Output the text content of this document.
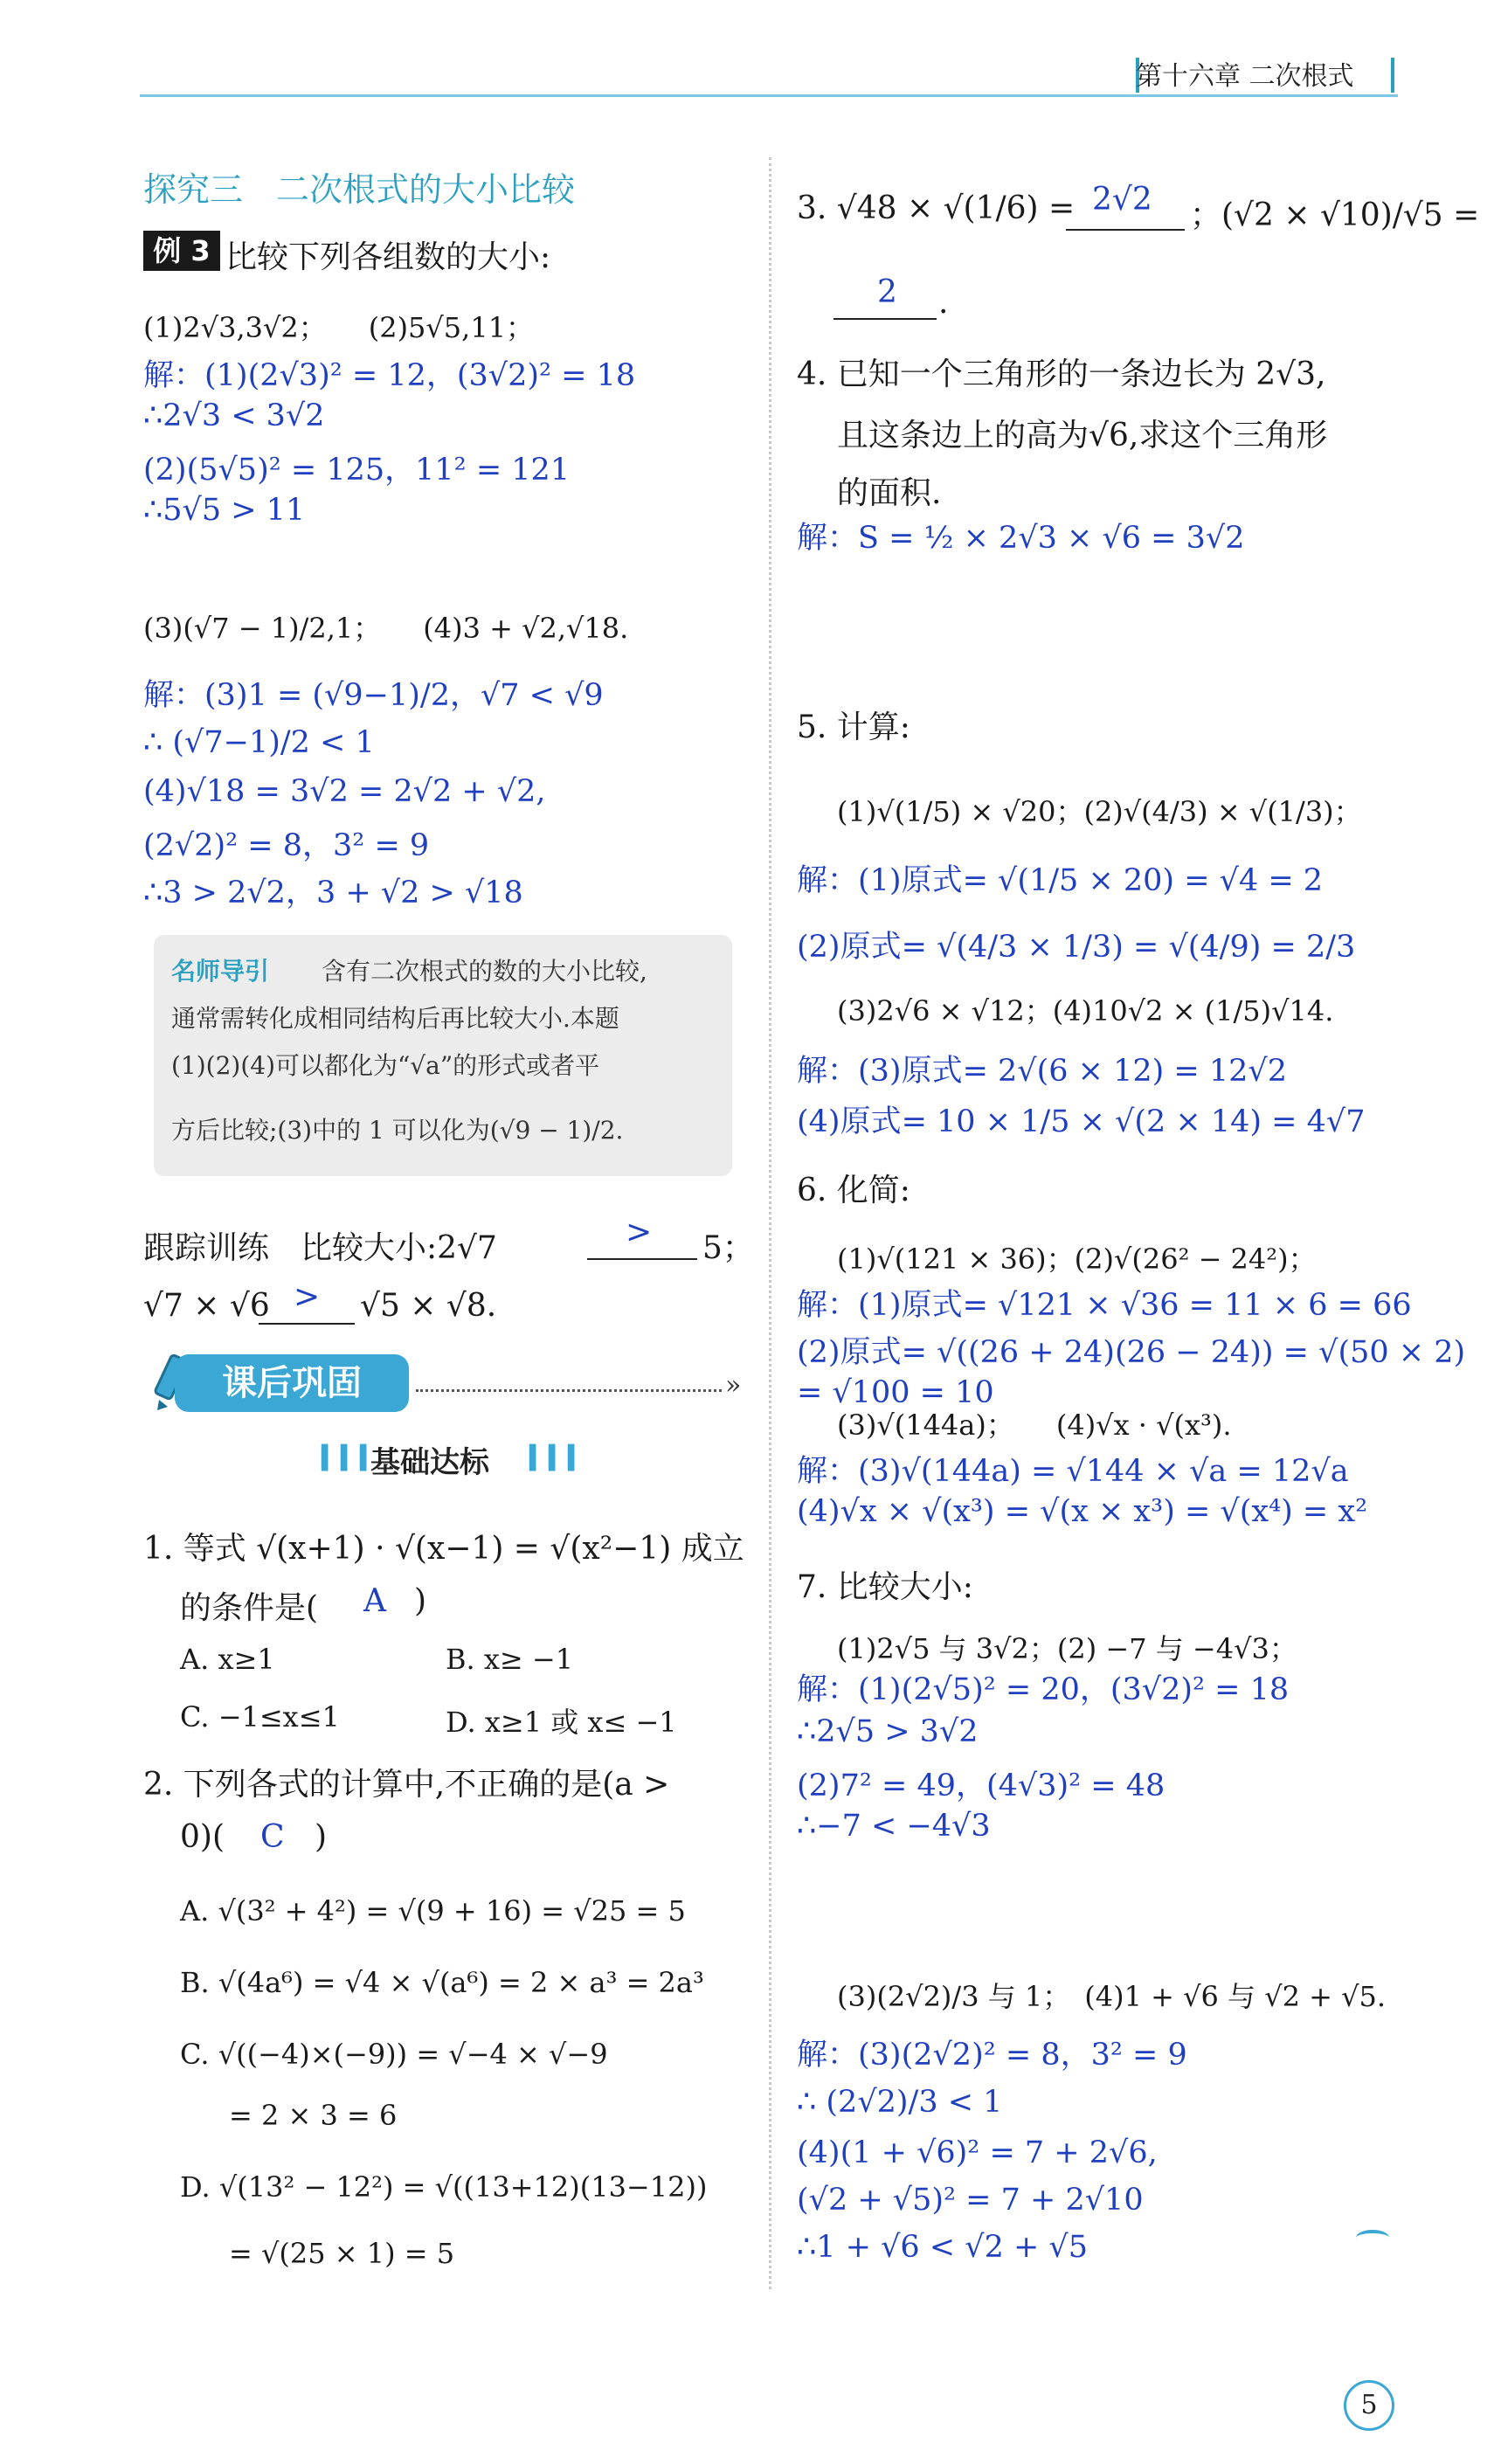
第十六章 二次根式
探究三　二次根式的大小比较
例 3 比较下列各组数的大小:
(1)2√3,3√2；　　(2)5√5,11；
解：(1)(2√3)² = 12，(3√2)² = 18
∴2√3 < 3√2
(2)(5√5)² = 125，11² = 121
∴5√5 > 11
(3)(√7 − 1)/2,1；　　(4)3 + √2,√18.
解：(3)1 = (√9−1)/2，√7 < √9
∴ (√7−1)/2 < 1
(4)√18 = 3√2 = 2√2 + √2,
(2√2)² = 8，3² = 9
∴3 > 2√2，3 + √2 > √18
名师导引 含有二次根式的数的大小比较,
通常需转化成相同结构后再比较大小.本题
(1)(2)(4)可以都化为“√a”的形式或者平
方后比较;(3)中的 1 可以化为(√9 − 1)/2.
跟踪训练　比较大小:2√7	> 5；
√7 × √6 > √5 × √8.
课后巩固	»
▍▍▍
基础达标 ▍▍▍
1. 等式 √(x+1) · √(x−1) = √(x²−1) 成立
的条件是( A )
A. x≥1	B. x≥ −1
C. −1≤x≤1	D. x≥1 或 x≤ −1
2. 下列各式的计算中,不正确的是(a >
0)( C )
A. √(3² + 4²) = √(9 + 16) = √25 = 5
B. √(4a⁶) = √4 × √(a⁶) = 2 × a³ = 2a³
C. √((−4)×(−9)) = √−4 × √−9
= 2 × 3 = 6
D. √(13² − 12²) = √((13+12)(13−12))
= √(25 × 1) = 5
3. √48 × √(1/6) = 2√2 ；(√2 × √10)/√5 =
2 .
4. 已知一个三角形的一条边长为 2√3,
且这条边上的高为√6,求这个三角形
的面积.
解：S = ½ × 2√3 × √6 = 3√2
5. 计算:
(1)√(1/5) × √20；(2)√(4/3) × √(1/3)；
解：(1)原式= √(1/5 × 20) = √4 = 2
(2)原式= √(4/3 × 1/3) = √(4/9) = 2/3
(3)2√6 × √12；(4)10√2 × (1/5)√14.
解：(3)原式= 2√(6 × 12) = 12√2
(4)原式= 10 × 1/5 × √(2 × 14) = 4√7
6. 化简:
(1)√(121 × 36)；(2)√(26² − 24²)；
解：(1)原式= √121 × √36 = 11 × 6 = 66
(2)原式= √((26 + 24)(26 − 24)) = √(50 × 2)
= √100 = 10
(3)√(144a)；　　(4)√x · √(x³).
解：(3)√(144a) = √144 × √a = 12√a
(4)√x × √(x³) = √(x × x³) = √(x⁴) = x²
7. 比较大小:
(1)2√5 与 3√2；(2) −7 与 −4√3；
解：(1)(2√5)² = 20，(3√2)² = 18
∴2√5 > 3√2
(2)7² = 49，(4√3)² = 48
∴−7 < −4√3
(3)(2√2)/3 与 1；　(4)1 + √6 与 √2 + √5.
解：(3)(2√2)² = 8，3² = 9
∴ (2√2)/3 < 1
(4)(1 + √6)² = 7 + 2√6,
(√2 + √5)² = 7 + 2√10
∴1 + √6 < √2 + √5
5
